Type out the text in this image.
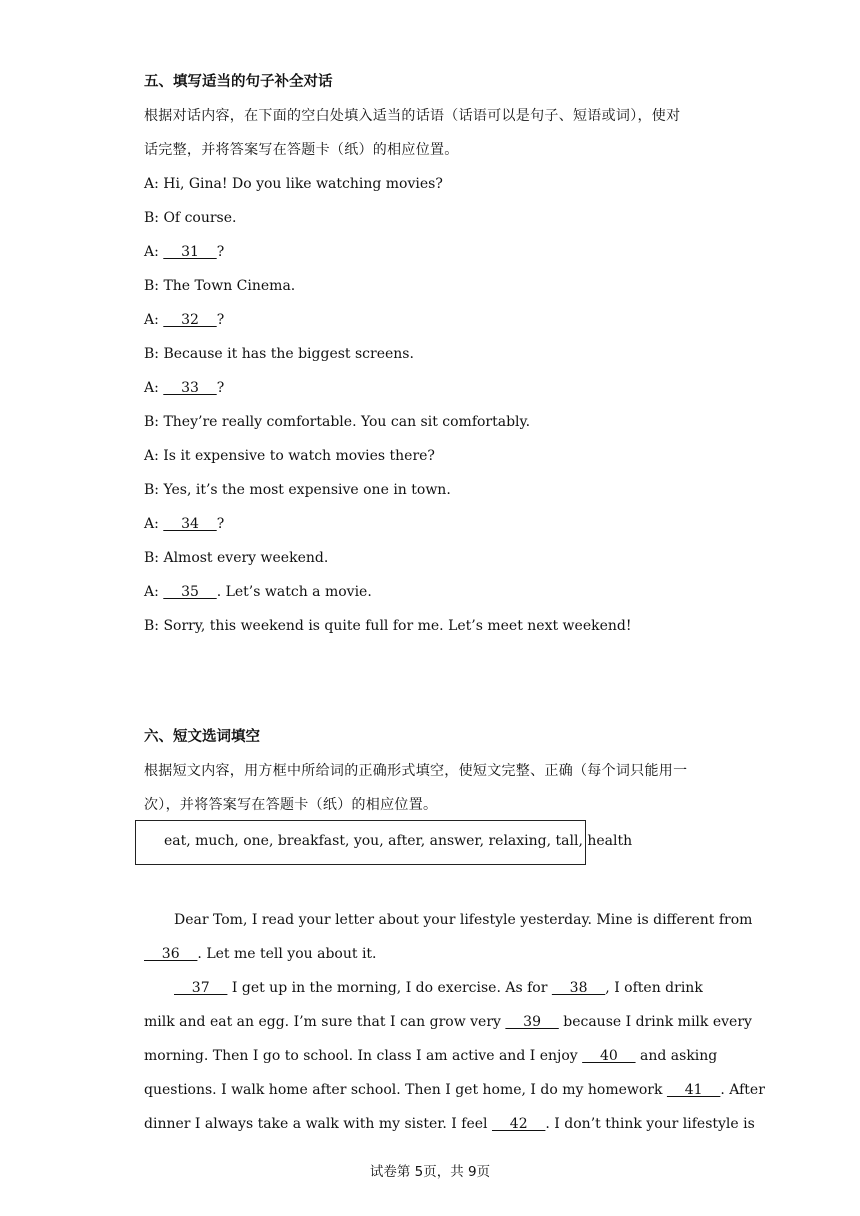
五、填写适当的句子补全对话
根据对话内容，在下面的空白处填入适当的话语（话语可以是句子、短语或词），使对
话完整，并将答案写在答题卡（纸）的相应位置。
A: Hi, Gina! Do you like watching movies?
B: Of course.
A:     31    ?
B: The Town Cinema.
A:     32    ?
B: Because it has the biggest screens.
A:     33    ?
B: They’re really comfortable. You can sit comfortably.
A: Is it expensive to watch movies there?
B: Yes, it’s the most expensive one in town.
A:     34    ?
B: Almost every weekend.
A:     35    . Let’s watch a movie.
B: Sorry, this weekend is quite full for me. Let’s meet next weekend!
六、短文选词填空
根据短文内容，用方框中所给词的正确形式填空，使短文完整、正确（每个词只能用一
次），并将答案写在答题卡（纸）的相应位置。
eat, much, one, breakfast, you, after, answer, relaxing, tall, health
Dear Tom, I read your letter about your lifestyle yesterday. Mine is different from
36    . Let me tell you about it.
37     I get up in the morning, I do exercise. As for     38    , I often drink
milk and eat an egg. I’m sure that I can grow very     39     because I drink milk every
morning. Then I go to school. In class I am active and I enjoy     40     and asking
questions. I walk home after school. Then I get home, I do my homework     41    . After
dinner I always take a walk with my sister. I feel     42    . I don’t think your lifestyle is
试卷第 5页，共 9页
